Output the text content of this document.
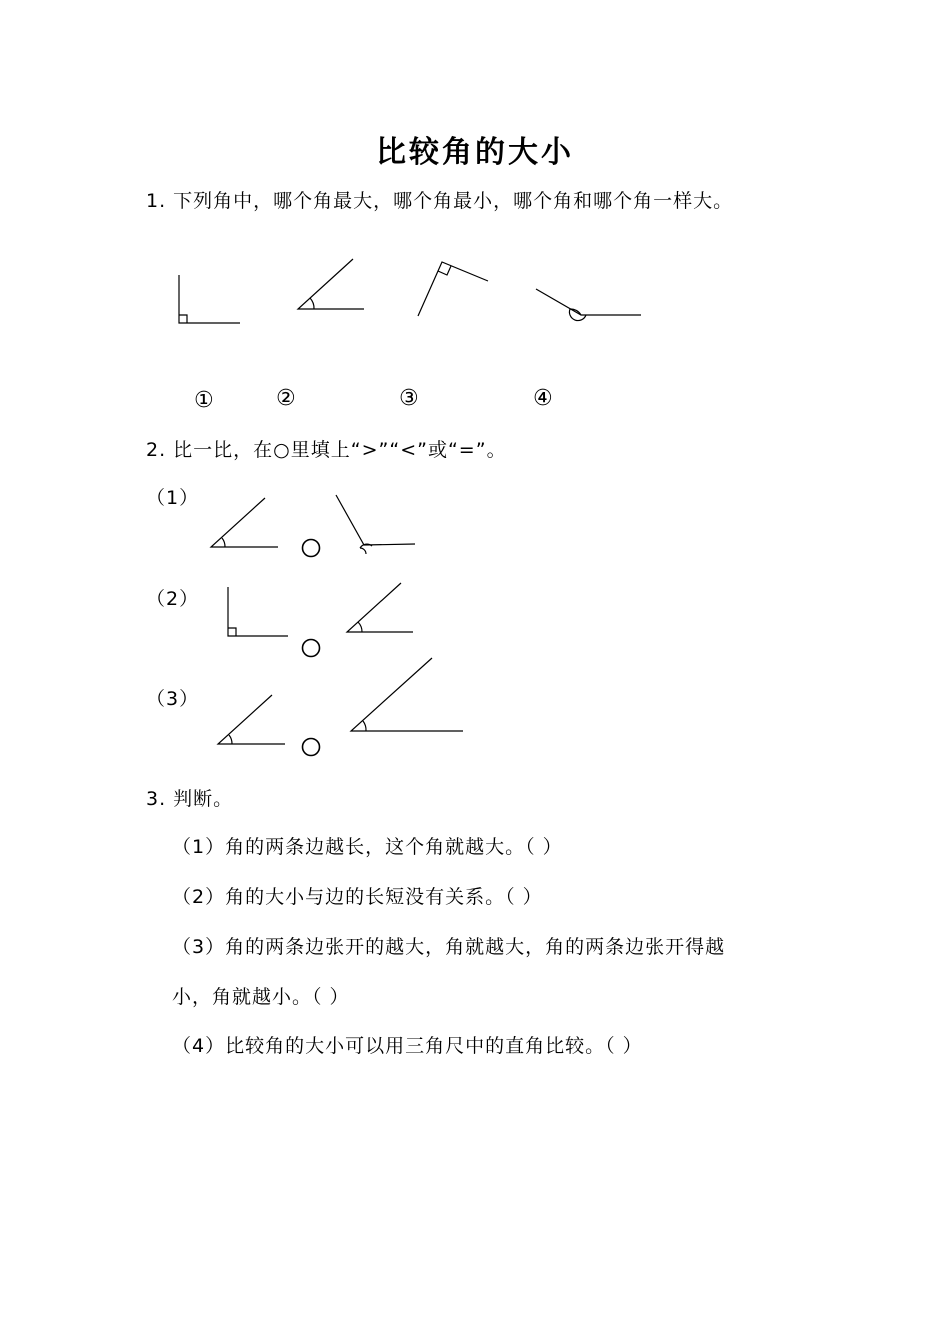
比较角的大小
1. 下列角中，哪个角最大，哪个角最小，哪个角和哪个角一样大。
①	②	③	④
2. 比一比，在○里填上“>”“<”或“=”。
（1）
（2）
（3）
3. 判断。
（1）角的两条边越长，这个角就越大。（ ）
（2）角的大小与边的长短没有关系。（ ）
（3）角的两条边张开的越大，角就越大，角的两条边张开得越
小，角就越小。（ ）
（4）比较角的大小可以用三角尺中的直角比较。（ ）
